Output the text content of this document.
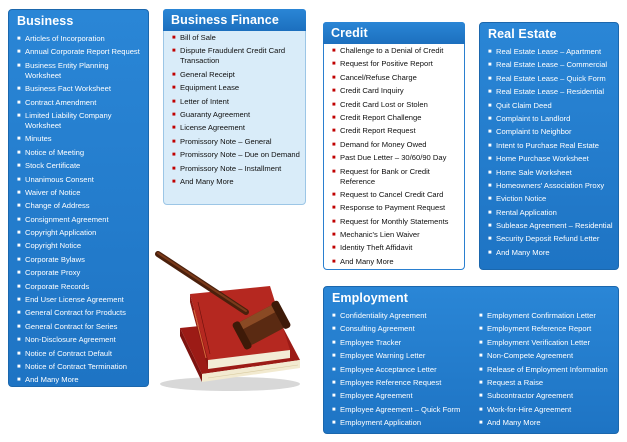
Business
■ Articles of Incorporation
■ Annual Corporate Report Request
■ Business Entity Planning Worksheet
■ Business Fact Worksheet
■ Contract Amendment
■ Limited Liability Company Worksheet
■ Minutes
■ Notice of Meeting
■ Stock Certificate
■ Unanimous Consent
■ Waiver of Notice
■ Change of Address
■ Consignment Agreement
■ Copyright Application
■ Copyright Notice
■ Corporate Bylaws
■ Corporate Proxy
■ Corporate Records
■ End User License Agreement
■ General Contract for Products
■ General Contract for Series
■ Non-Disclosure Agreement
■ Notice of Contract Default
■ Notice of Contract Termination
■ And Many More
Business Finance
■ Bill of Sale
■ Dispute Fraudulent Credit Card Transaction
■ General Receipt
■ Equipment Lease
■ Letter of Intent
■ Guaranty Agreement
■ License Agreement
■ Promissory Note – General
■ Promissory Note – Due on Demand
■ Promissory Note – Installment
■ And Many More
Credit
■ Challenge to a Denial of Credit
■ Request for Positive Report
■ Cancel/Refuse Charge
■ Credit Card Inquiry
■ Credit Card Lost or Stolen
■ Credit Report Challenge
■ Credit Report Request
■ Demand for Money Owed
■ Past Due Letter – 30/60/90 Day
■ Request for Bank or Credit Reference
■ Request to Cancel Credit Card
■ Response to Payment Request
■ Request for Monthly Statements
■ Mechanic's Lien Waiver
■ Identity Theft Affidavit
■ And Many More
Real Estate
■ Real Estate Lease – Apartment
■ Real Estate Lease – Commercial
■ Real Estate Lease – Quick Form
■ Real Estate Lease – Residential
■ Quit Claim Deed
■ Complaint to Landlord
■ Complaint to Neighbor
■ Intent to Purchase Real Estate
■ Home Purchase Worksheet
■ Home Sale Worksheet
■ Homeowners' Association Proxy
■ Eviction Notice
■ Rental Application
■ Sublease Agreement – Residential
■ Security Deposit Refund Letter
■ And Many More
Employment
■ Confidentiality Agreement
■ Consulting Agreement
■ Employee Tracker
■ Employee Warning Letter
■ Employee Acceptance Letter
■ Employee Reference Request
■ Employee Agreement
■ Employee Agreement – Quick Form
■ Employment Application
■ Employment Confirmation Letter
■ Employment Reference Report
■ Employment Verification Letter
■ Non-Compete Agreement
■ Release of Employment Information
■ Request a Raise
■ Subcontractor Agreement
■ Work-for-Hire Agreement
■ And Many More
